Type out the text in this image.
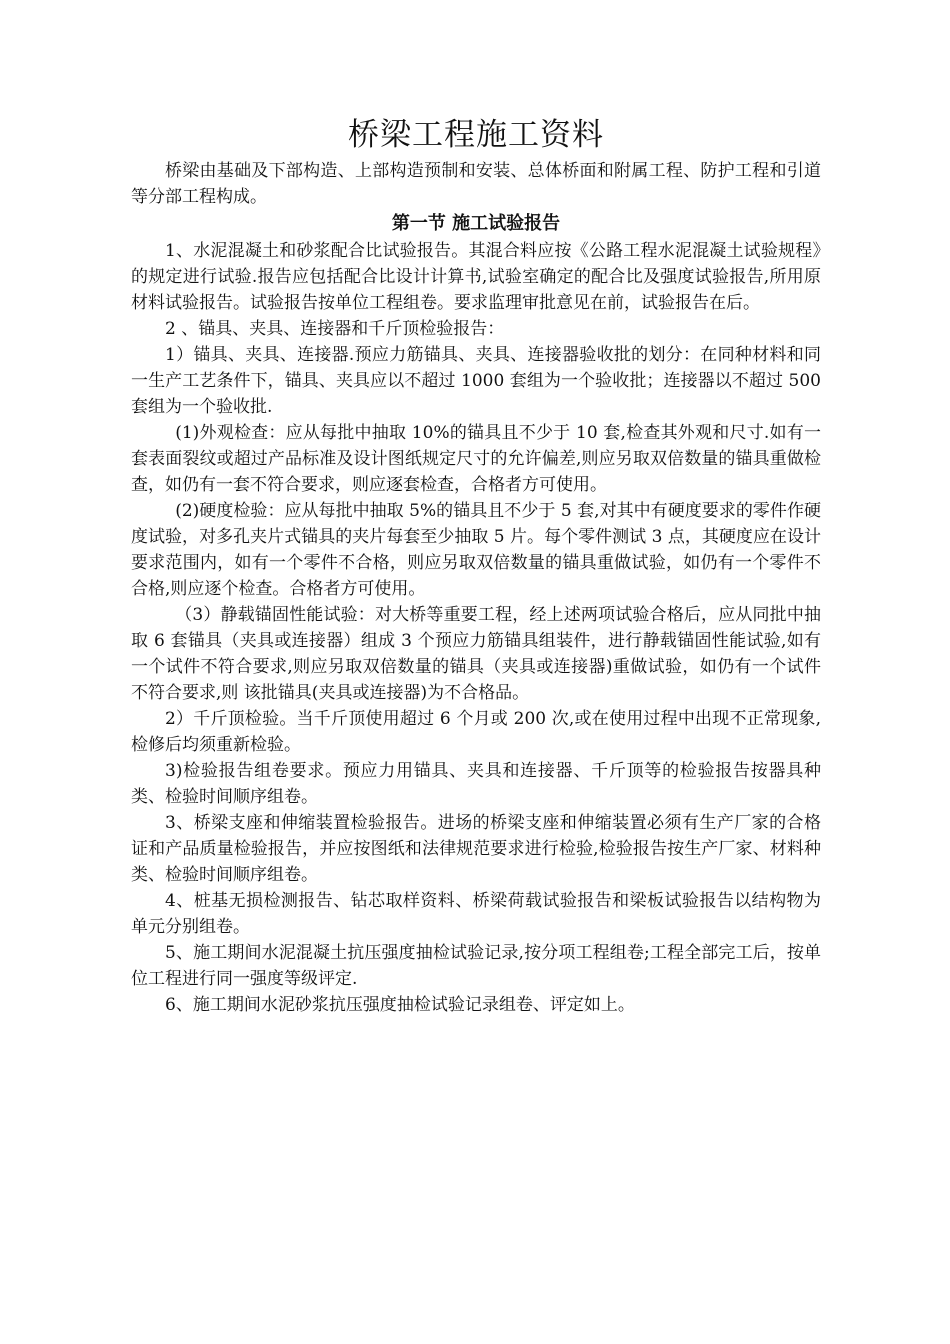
桥梁工程施工资料

桥梁由基础及下部构造、上部构造预制和安装、总体桥面和附属工程、防护工程和引道等分部工程构成。

第一节 施工试验报告

1、水泥混凝土和砂浆配合比试验报告。其混合料应按《公路工程水泥混凝土试验规程》的规定进行试验.报告应包括配合比设计计算书,试验室确定的配合比及强度试验报告,所用原材料试验报告。试验报告按单位工程组卷。要求监理审批意见在前，试验报告在后。

2 、锚具、夹具、连接器和千斤顶检验报告：

1）锚具、夹具、连接器.预应力筋锚具、夹具、连接器验收批的划分：在同种材料和同一生产工艺条件下，锚具、夹具应以不超过 1000 套组为一个验收批；连接器以不超过 500 套组为一个验收批.

(1)外观检查：应从每批中抽取 10%的锚具且不少于 10 套,检查其外观和尺寸.如有一套表面裂纹或超过产品标准及设计图纸规定尺寸的允许偏差,则应另取双倍数量的锚具重做检查，如仍有一套不符合要求，则应逐套检查，合格者方可使用。

(2)硬度检验：应从每批中抽取 5%的锚具且不少于 5 套,对其中有硬度要求的零件作硬度试验，对多孔夹片式锚具的夹片每套至少抽取 5 片。每个零件测试 3 点，其硬度应在设计要求范围内，如有一个零件不合格，则应另取双倍数量的锚具重做试验，如仍有一个零件不合格,则应逐个检查。合格者方可使用。

（3）静载锚固性能试验：对大桥等重要工程，经上述两项试验合格后，应从同批中抽取 6 套锚具（夹具或连接器）组成 3 个预应力筋锚具组装件，进行静载锚固性能试验,如有一个试件不符合要求,则应另取双倍数量的锚具（夹具或连接器)重做试验，如仍有一个试件不符合要求,则 该批锚具(夹具或连接器)为不合格品。

2）千斤顶检验。当千斤顶使用超过 6 个月或 200 次,或在使用过程中出现不正常现象,检修后均须重新检验。

3)检验报告组卷要求。预应力用锚具、夹具和连接器、千斤顶等的检验报告按器具种类、检验时间顺序组卷。

3、桥梁支座和伸缩装置检验报告。进场的桥梁支座和伸缩装置必须有生产厂家的合格证和产品质量检验报告，并应按图纸和法律规范要求进行检验,检验报告按生产厂家、材料种类、检验时间顺序组卷。

4、桩基无损检测报告、钻芯取样资料、桥梁荷载试验报告和梁板试验报告以结构物为单元分别组卷。

5、施工期间水泥混凝土抗压强度抽检试验记录,按分项工程组卷;工程全部完工后，按单位工程进行同一强度等级评定.

6、施工期间水泥砂浆抗压强度抽检试验记录组卷、评定如上。
